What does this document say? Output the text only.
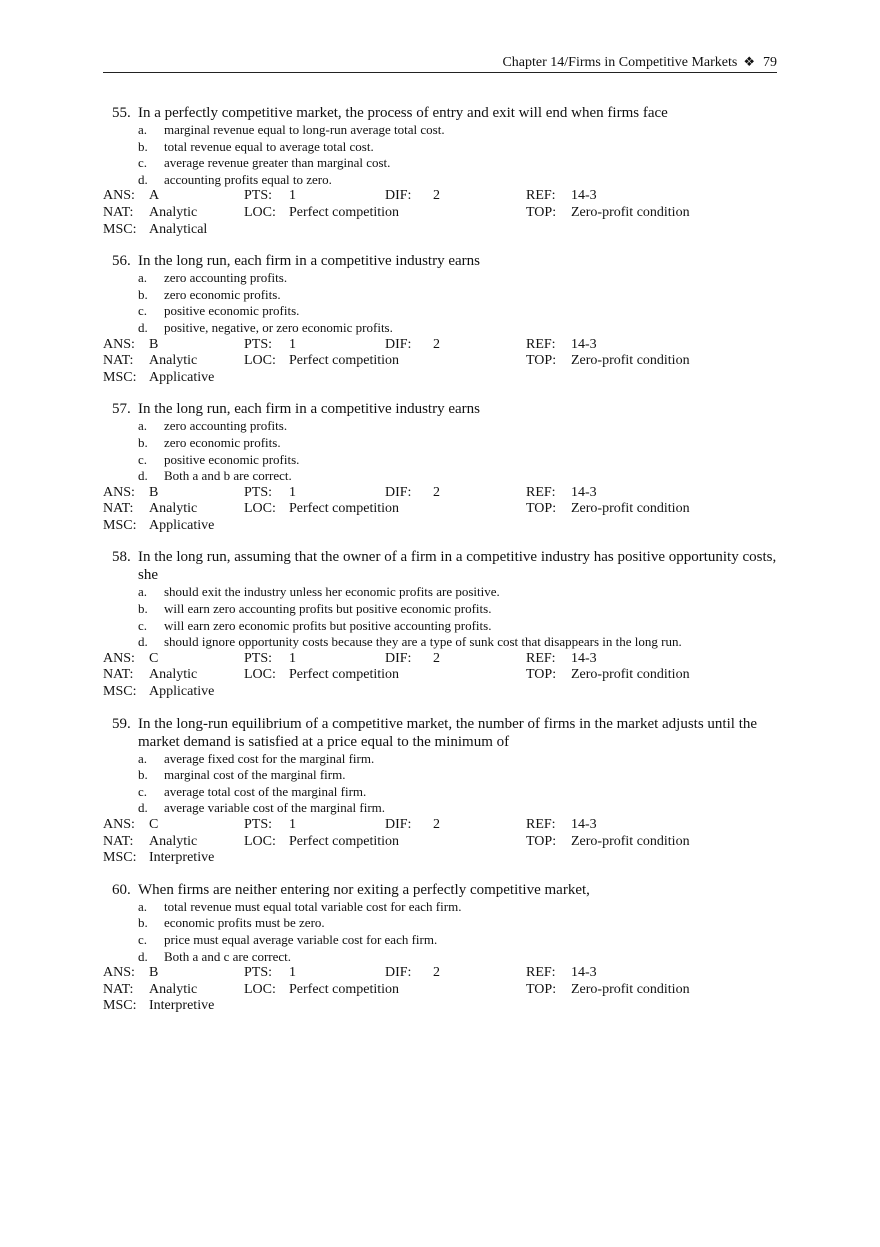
Chapter 14/Firms in Competitive Markets ❖ 79
55. In a perfectly competitive market, the process of entry and exit will end when firms face
a.	marginal revenue equal to long-run average total cost.
b.	total revenue equal to average total cost.
c.	average revenue greater than marginal cost.
d.	accounting profits equal to zero.
ANS: A	PTS: 1	DIF: 2	REF: 14-3
NAT: Analytic	LOC: Perfect competition	TOP: Zero-profit condition
MSC: Analytical
56. In the long run, each firm in a competitive industry earns
a.	zero accounting profits.
b.	zero economic profits.
c.	positive economic profits.
d.	positive, negative, or zero economic profits.
ANS: B	PTS: 1	DIF: 2	REF: 14-3
NAT: Analytic	LOC: Perfect competition	TOP: Zero-profit condition
MSC: Applicative
57. In the long run, each firm in a competitive industry earns
a.	zero accounting profits.
b.	zero economic profits.
c.	positive economic profits.
d.	Both a and b are correct.
ANS: B	PTS: 1	DIF: 2	REF: 14-3
NAT: Analytic	LOC: Perfect competition	TOP: Zero-profit condition
MSC: Applicative
58. In the long run, assuming that the owner of a firm in a competitive industry has positive opportunity costs, she
a.	should exit the industry unless her economic profits are positive.
b.	will earn zero accounting profits but positive economic profits.
c.	will earn zero economic profits but positive accounting profits.
d.	should ignore opportunity costs because they are a type of sunk cost that disappears in the long run.
ANS: C	PTS: 1	DIF: 2	REF: 14-3
NAT: Analytic	LOC: Perfect competition	TOP: Zero-profit condition
MSC: Applicative
59. In the long-run equilibrium of a competitive market, the number of firms in the market adjusts until the market demand is satisfied at a price equal to the minimum of
a.	average fixed cost for the marginal firm.
b.	marginal cost of the marginal firm.
c.	average total cost of the marginal firm.
d.	average variable cost of the marginal firm.
ANS: C	PTS: 1	DIF: 2	REF: 14-3
NAT: Analytic	LOC: Perfect competition	TOP: Zero-profit condition
MSC: Interpretive
60. When firms are neither entering nor exiting a perfectly competitive market,
a.	total revenue must equal total variable cost for each firm.
b.	economic profits must be zero.
c.	price must equal average variable cost for each firm.
d.	Both a and c are correct.
ANS: B	PTS: 1	DIF: 2	REF: 14-3
NAT: Analytic	LOC: Perfect competition	TOP: Zero-profit condition
MSC: Interpretive
